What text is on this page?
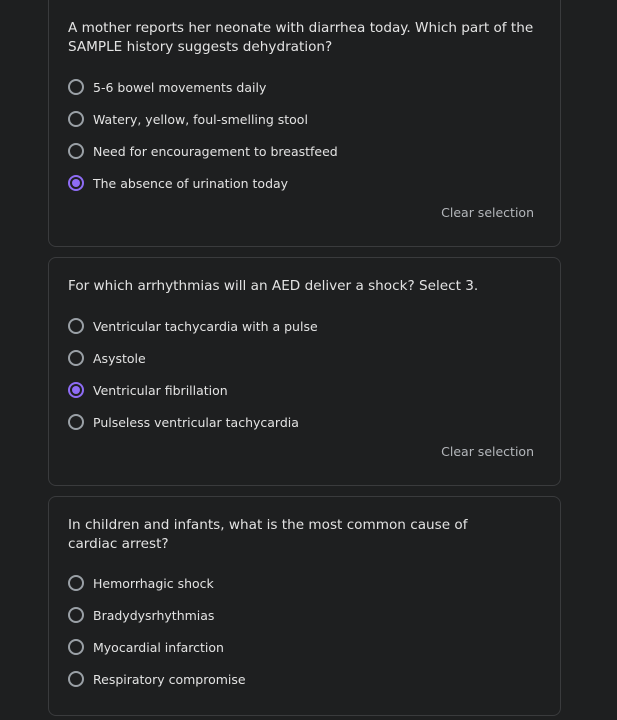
A mother reports her neonate with diarrhea today. Which part of the SAMPLE history suggests dehydration?
5-6 bowel movements daily
Watery, yellow, foul-smelling stool
Need for encouragement to breastfeed
The absence of urination today
Clear selection
For which arrhythmias will an AED deliver a shock? Select 3.
Ventricular tachycardia with a pulse
Asystole
Ventricular fibrillation
Pulseless ventricular tachycardia
Clear selection
In children and infants, what is the most common cause of cardiac arrest?
Hemorrhagic shock
Bradydysrhythmias
Myocardial infarction
Respiratory compromise
